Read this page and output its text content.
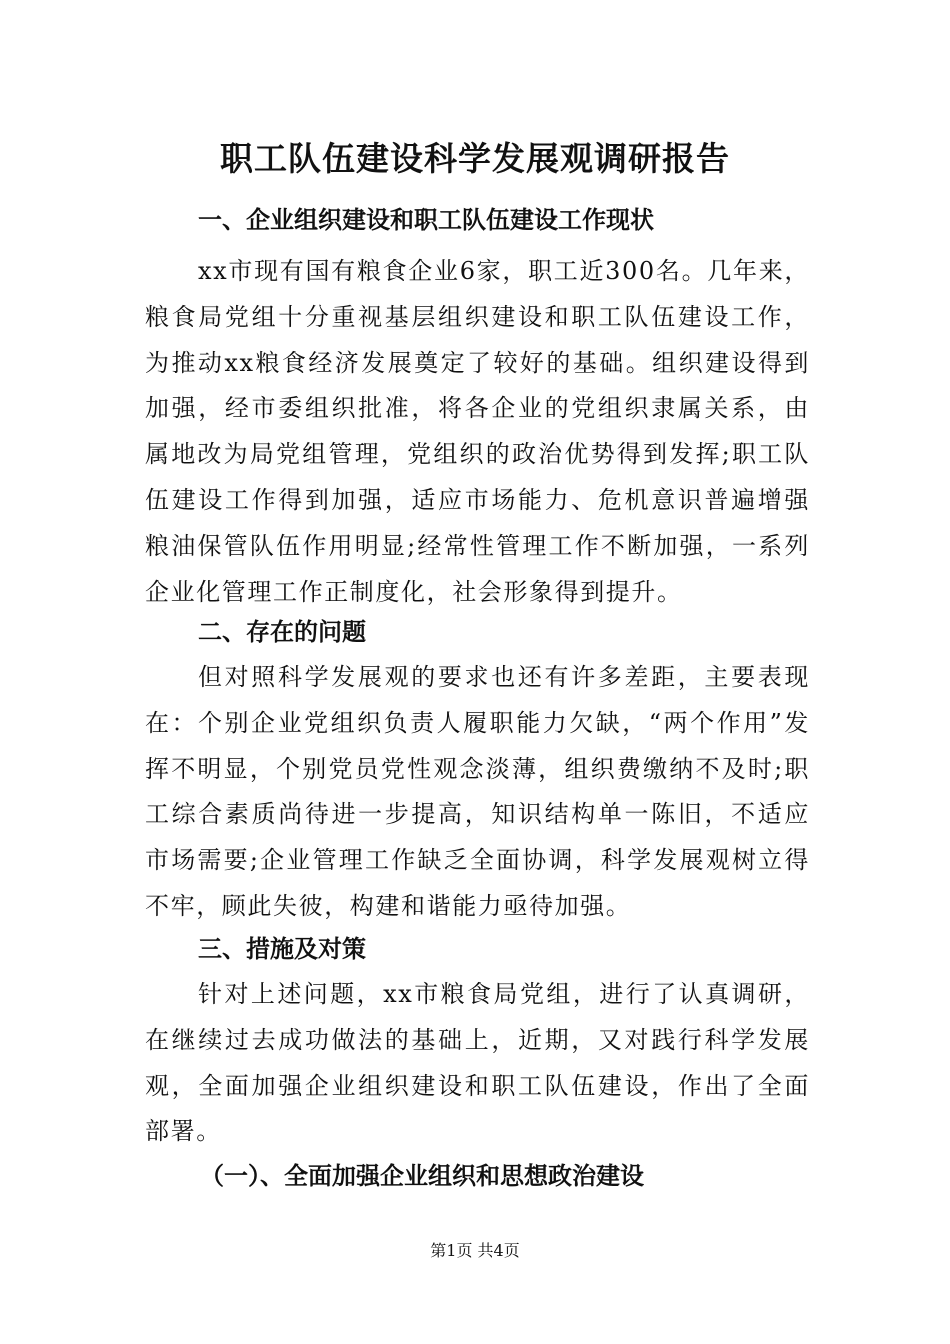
职工队伍建设科学发展观调研报告
一、企业组织建设和职工队伍建设工作现状

xx市现有国有粮食企业6家，职工近300名。几年来，粮食局党组十分重视基层组织建设和职工队伍建设工作，为推动xx粮食经济发展奠定了较好的基础。组织建设得到加强，经市委组织批准，将各企业的党组织隶属关系，由属地改为局党组管理，党组织的政治优势得到发挥;职工队伍建设工作得到加强，适应市场能力、危机意识普遍增强粮油保管队伍作用明显;经常性管理工作不断加强，一系列企业化管理工作正制度化，社会形象得到提升。

二、存在的问题

但对照科学发展观的要求也还有许多差距，主要表现在：个别企业党组织负责人履职能力欠缺，“两个作用”发挥不明显，个别党员党性观念淡薄，组织费缴纳不及时;职工综合素质尚待进一步提高，知识结构单一陈旧，不适应市场需要;企业管理工作缺乏全面协调，科学发展观树立得不牢，顾此失彼，构建和谐能力亟待加强。

三、措施及对策

针对上述问题，xx市粮食局党组，进行了认真调研，在继续过去成功做法的基础上，近期，又对践行科学发展观，全面加强企业组织建设和职工队伍建设，作出了全面部署。

（一）、全面加强企业组织和思想政治建设
第1页 共4页
